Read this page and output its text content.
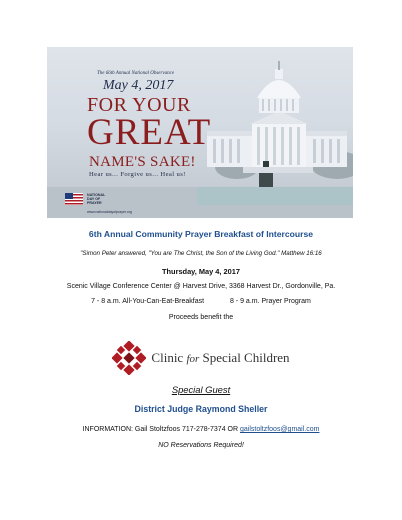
The 66th Annual National Observance
May 4, 2017
FOR YOUR
GREAT
NAME'S SAKE!
Hear us... Forgive us... Heal us!
NATIONAL DAY OF PRAYER
www.nationaldayofprayer.org
6th Annual Community Prayer Breakfast of Intercourse
"Simon Peter answered, "You are The Christ, the Son of the Living God." Matthew 16:16
Thursday, May 4, 2017
Scenic Village Conference Center @ Harvest Drive, 3368 Harvest Dr., Gordonville, Pa.
7 - 8 a.m. All-You-Can-Eat-Breakfast	8 - 9 a.m. Prayer Program
Proceeds benefit the
Clinic for Special Children
Special Guest
District Judge Raymond Sheller
INFORMATION: Gail Stoltzfoos 717-278-7374 OR gailstoltzfoos@gmail.com
NO Reservations Required!
